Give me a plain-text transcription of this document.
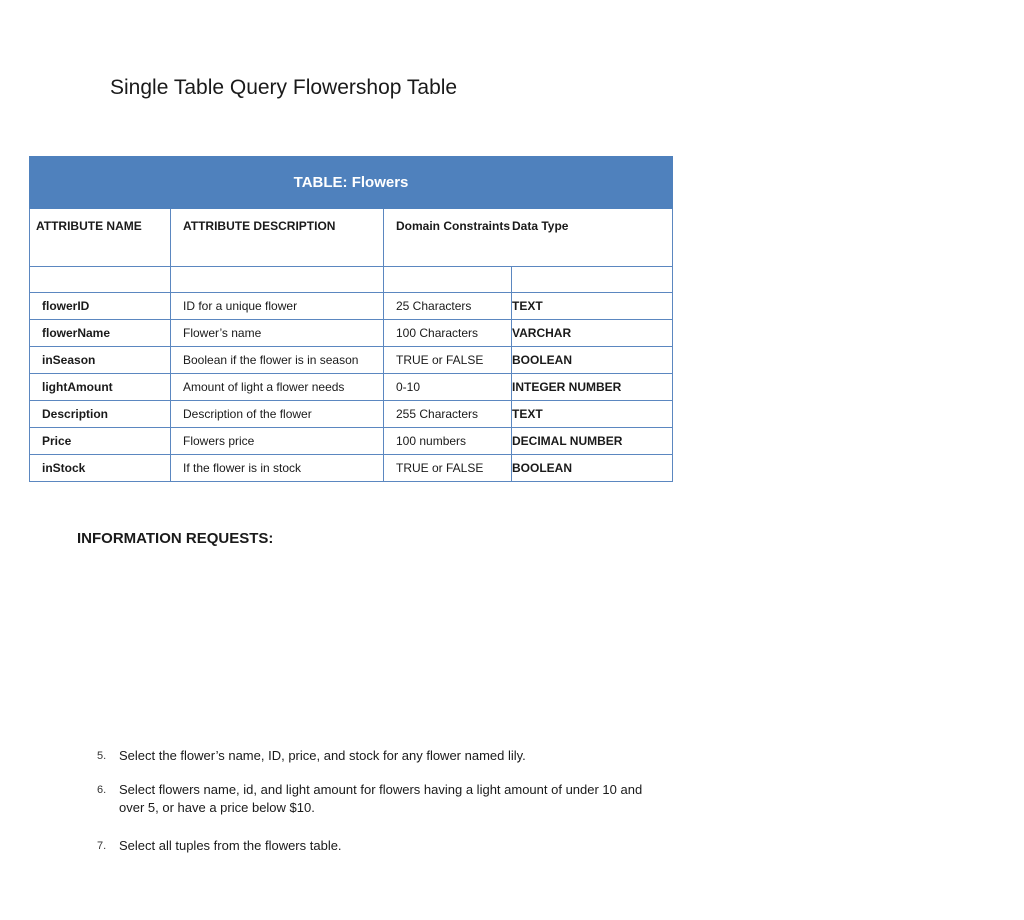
Single Table Query Flowershop Table
TABLE: Flowers			
ATTRIBUTE NAME	ATTRIBUTE DESCRIPTION	Domain Constraints	Data Type

flowerID	ID for a unique flower	25 Characters	TEXT
flowerName	Flower’s name	100 Characters	VARCHAR
inSeason	Boolean if the flower is in season	TRUE or FALSE	BOOLEAN
lightAmount	Amount of light a flower needs	0-10	INTEGER NUMBER
Description	Description of the flower	255 Characters	TEXT
Price	Flowers price	100 numbers	DECIMAL NUMBER
inStock	If the flower is in stock	TRUE or FALSE	BOOLEAN
INFORMATION REQUESTS:
5. Select the flower’s name, ID, price, and stock for any flower named lily.
6. Select flowers name, id, and light amount for flowers having a light amount of under 10 and over 5, or have a price below $10.
7. Select all tuples from the flowers table.
